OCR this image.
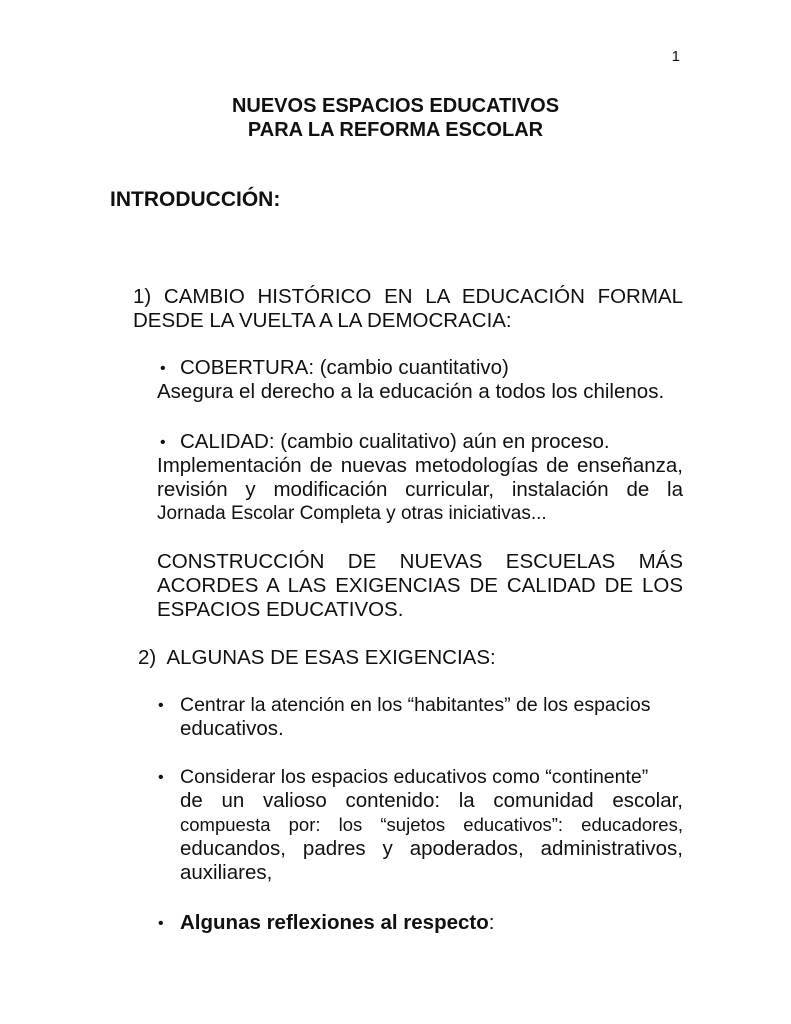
1
NUEVOS ESPACIOS EDUCATIVOS
PARA LA REFORMA ESCOLAR
INTRODUCCIÓN:
1) CAMBIO HISTÓRICO EN LA EDUCACIÓN FORMAL
DESDE LA VUELTA A LA DEMOCRACIA:
• COBERTURA: (cambio cuantitativo)
Asegura el derecho a la educación a todos los chilenos.
• CALIDAD: (cambio cualitativo) aún en proceso.
Implementación de nuevas metodologías de enseñanza,
revisión y modificación curricular, instalación de la
Jornada Escolar Completa y otras iniciativas...
CONSTRUCCIÓN DE NUEVAS ESCUELAS MÁS
ACORDES A LAS EXIGENCIAS DE CALIDAD DE LOS
ESPACIOS EDUCATIVOS.
2)  ALGUNAS DE ESAS EXIGENCIAS:
• Centrar la atención en los “habitantes” de los espacios
educativos.
• Considerar los espacios educativos como “continente”
de un valioso contenido: la comunidad escolar,
compuesta por: los “sujetos educativos”: educadores,
educandos, padres y apoderados, administrativos,
auxiliares,
• Algunas reflexiones al respecto:
